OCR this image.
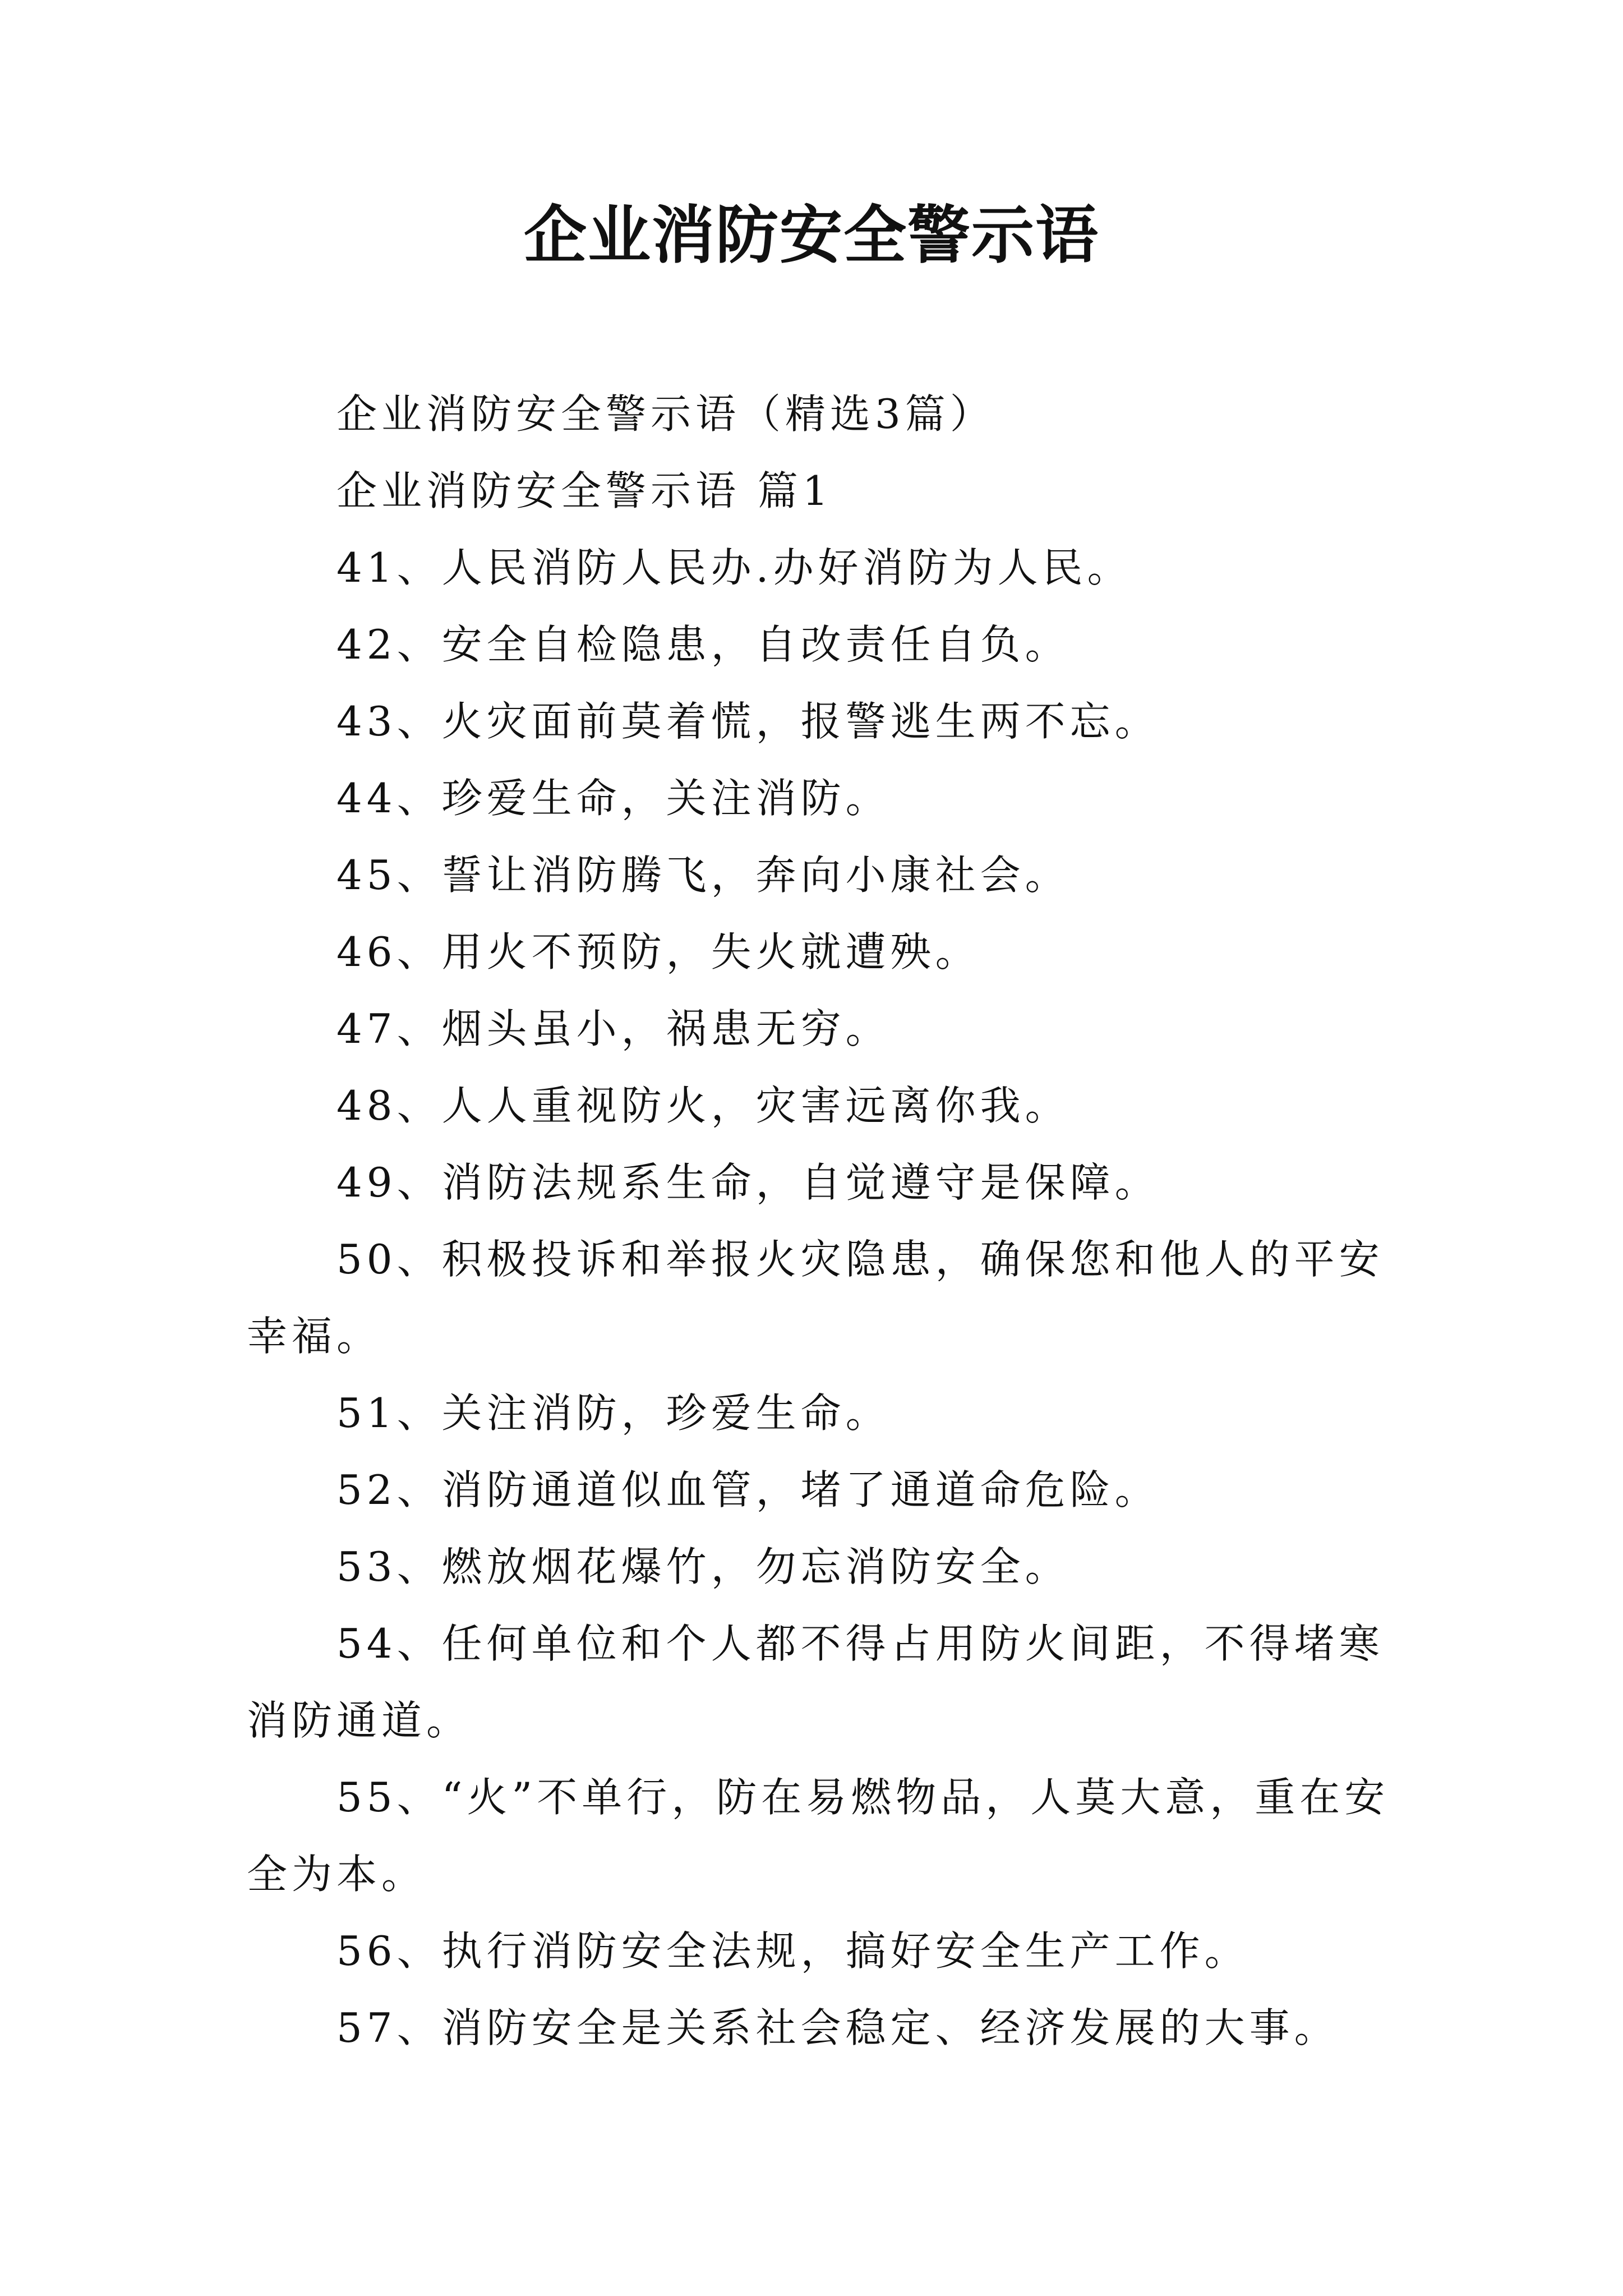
企业消防安全警示语

企业消防安全警示语（精选3篇）

企业消防安全警示语 篇1

41、人民消防人民办.办好消防为人民。

42、安全自检隐患，自改责任自负。

43、火灾面前莫着慌，报警逃生两不忘。

44、珍爱生命，关注消防。

45、誓让消防腾飞，奔向小康社会。

46、用火不预防，失火就遭殃。

47、烟头虽小，祸患无穷。

48、人人重视防火，灾害远离你我。

49、消防法规系生命，自觉遵守是保障。

50、积极投诉和举报火灾隐患，确保您和他人的平安幸福。

51、关注消防，珍爱生命。

52、消防通道似血管，堵了通道命危险。

53、燃放烟花爆竹，勿忘消防安全。

54、任何单位和个人都不得占用防火间距，不得堵寒消防通道。

55、“火”不单行，防在易燃物品，人莫大意，重在安全为本。

56、执行消防安全法规，搞好安全生产工作。

57、消防安全是关系社会稳定、经济发展的大事。
